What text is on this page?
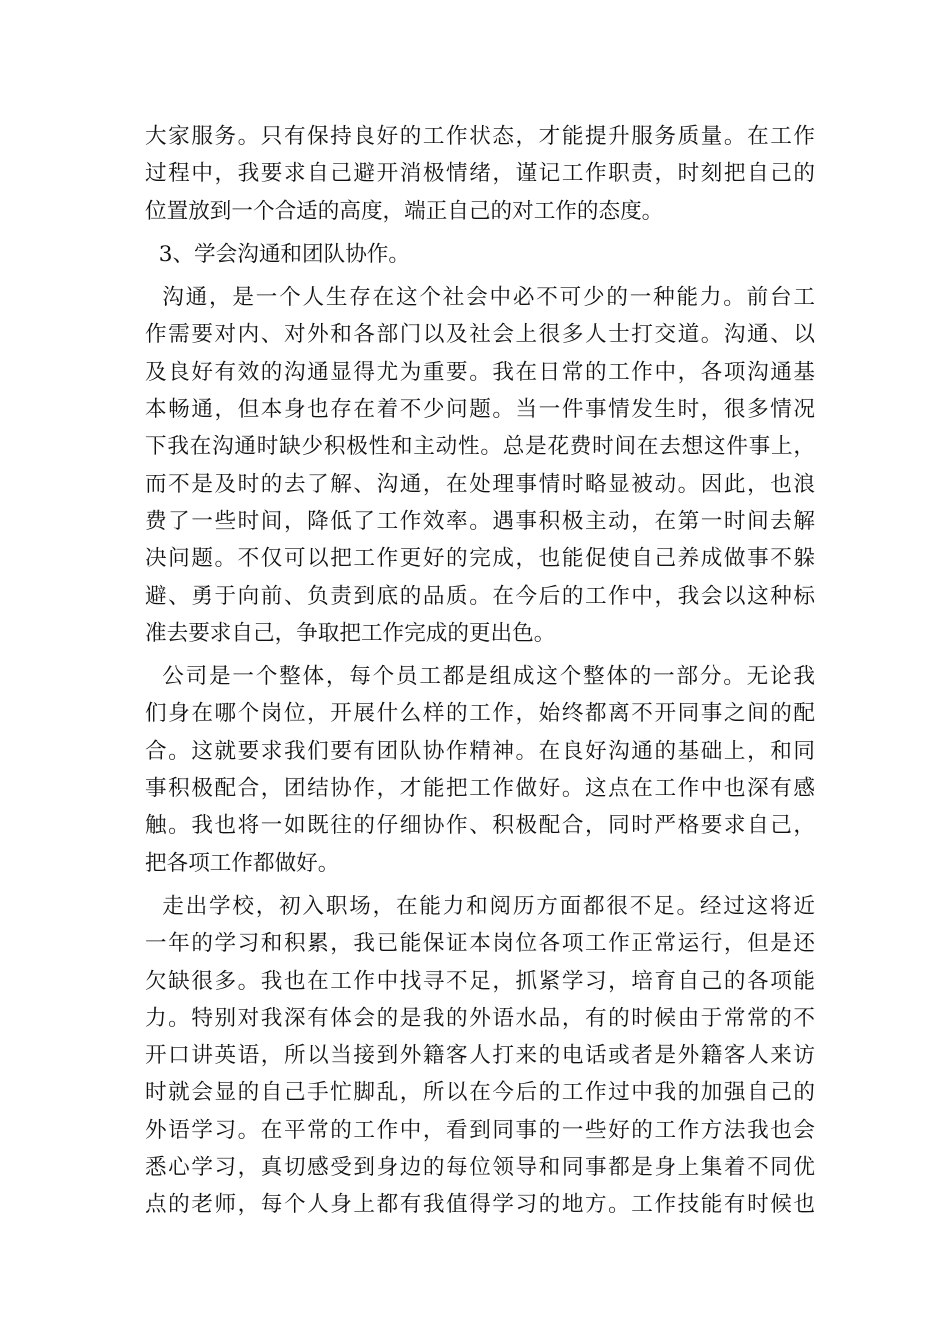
大家服务。只有保持良好的工作状态，才能提升服务质量。在工作
过程中，我要求自己避开消极情绪，谨记工作职责，时刻把自己的
位置放到一个合适的高度，端正自己的对工作的态度。
3、学会沟通和团队协作。
沟通，是一个人生存在这个社会中必不可少的一种能力。前台工
作需要对内、对外和各部门以及社会上很多人士打交道。沟通、以
及良好有效的沟通显得尤为重要。我在日常的工作中，各项沟通基
本畅通，但本身也存在着不少问题。当一件事情发生时，很多情况
下我在沟通时缺少积极性和主动性。总是花费时间在去想这件事上，
而不是及时的去了解、沟通，在处理事情时略显被动。因此，也浪
费了一些时间，降低了工作效率。遇事积极主动，在第一时间去解
决问题。不仅可以把工作更好的完成，也能促使自己养成做事不躲
避、勇于向前、负责到底的品质。在今后的工作中，我会以这种标
准去要求自己，争取把工作完成的更出色。
公司是一个整体，每个员工都是组成这个整体的一部分。无论我
们身在哪个岗位，开展什么样的工作，始终都离不开同事之间的配
合。这就要求我们要有团队协作精神。在良好沟通的基础上，和同
事积极配合，团结协作，才能把工作做好。这点在工作中也深有感
触。我也将一如既往的仔细协作、积极配合，同时严格要求自己，
把各项工作都做好。
走出学校，初入职场，在能力和阅历方面都很不足。经过这将近
一年的学习和积累，我已能保证本岗位各项工作正常运行，但是还
欠缺很多。我也在工作中找寻不足，抓紧学习，培育自己的各项能
力。特别对我深有体会的是我的外语水品，有的时候由于常常的不
开口讲英语，所以当接到外籍客人打来的电话或者是外籍客人来访
时就会显的自己手忙脚乱，所以在今后的工作过中我的加强自己的
外语学习。在平常的工作中，看到同事的一些好的工作方法我也会
悉心学习，真切感受到身边的每位领导和同事都是身上集着不同优
点的老师，每个人身上都有我值得学习的地方。工作技能有时候也
